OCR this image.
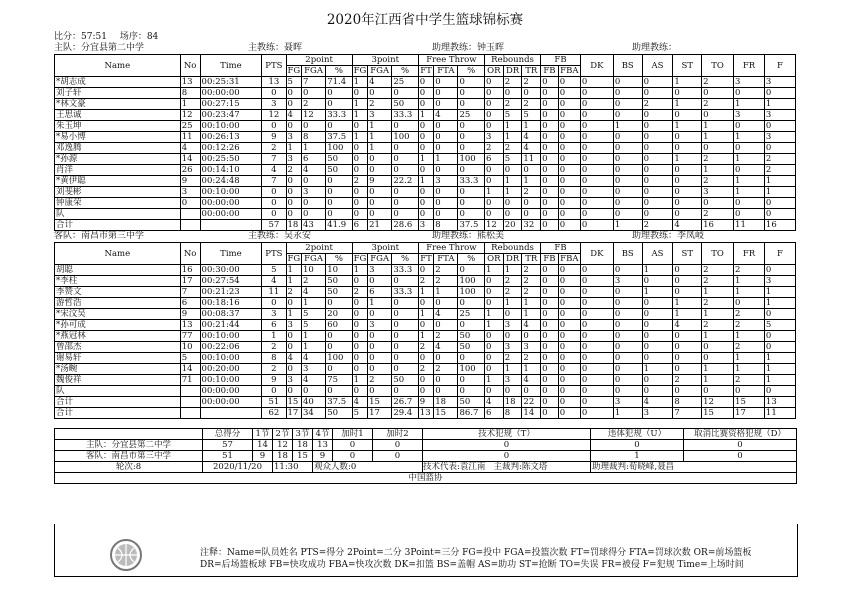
2020年江西省中学生篮球锦标赛
比分：57:51 场序：84
主队：分宜县第二中学	主教练：聂晖	助理教练：钟玉晖	助理教练：
Name	No	Time	PTS	2point			3point			Free Throw			Rebounds			FB		DK	BS	AS	ST	TO	FR	F
				FG	FGA	%	FG	FGA	%	FT	FTA	%	OR	DR	TR	FB	FBA							
*胡志成	13	00:25:31	13	5	7	71.4	1	4	25	0	0	0	0	2	2	0	0	0	0	0	1	2	3	3
刘子轩	8	00:00:00	0	0	0	0	0	0	0	0	0	0	0	0	0	0	0	0	0	0	0	0	0	0
*林文豪	1	00:27:15	3	0	2	0	1	2	50	0	0	0	0	2	2	0	0	0	0	2	1	2	1	1
王思诚	12	00:23:47	12	4	12	33.3	1	3	33.3	1	4	25	0	5	5	0	0	0	0	0	0	0	3	3
朱玉坤	25	00:10:00	0	0	0	0	0	1	0	0	0	0	0	1	1	0	0	0	1	0	1	1	0	0
*易小博	11	00:26:13	9	3	8	37.5	1	1	100	0	0	0	3	1	4	0	0	0	0	0	0	1	1	3
邓逸腾	4	00:12:26	2	1	1	100	0	1	0	0	0	0	2	2	4	0	0	0	0	0	0	0	0	0
*孙源	14	00:25:50	7	3	6	50	0	0	0	1	1	100	6	5	11	0	0	0	0	0	1	2	1	2
肖洋	26	00:14:10	4	2	4	50	0	0	0	0	0	0	0	0	0	0	0	0	0	0	0	1	0	2
*黄伊聪	9	00:24:48	7	0	0	0	2	9	22.2	1	3	33.3	0	1	1	0	0	0	0	0	0	2	1	1
刘斐彬	3	00:10:00	0	0	3	0	0	0	0	0	0	0	1	1	2	0	0	0	0	0	0	3	1	1
钟康荣	0	00:00:00	0	0	0	0	0	0	0	0	0	0	0	0	0	0	0	0	0	0	0	0	0	0
队		00:00:00	0	0	0	0	0	0	0	0	0	0	0	0	0	0	0	0	0	0	0	2	0	0
合计			57	18	43	41.9	6	21	28.6	3	8	37.5	12	20	32	0	0	0	1	2	4	16	11	16
客队：南昌市第三中学	主教练：吴永安	助理教练：熊松美	助理教练：李凤岐
Name	No	Time	PTS	2point			3point			Free Throw			Rebounds			FB		DK	BS	AS	ST	TO	FR	F
				FG	FGA	%	FG	FGA	%	FT	FTA	%	OR	DR	TR	FB	FBA							
胡聪	16	00:30:00	5	1	10	10	1	3	33.3	0	2	0	1	1	2	0	0	0	0	1	0	2	2	0
*李柱	17	00:27:54	4	1	2	50	0	0	0	2	2	100	0	2	2	0	0	0	3	0	0	2	1	3
李赞文	7	00:21:23	11	2	4	50	2	6	33.3	1	1	100	0	2	2	0	0	0	0	1	0	1	1	1
游哲浩	6	00:18:16	0	0	1	0	0	1	0	0	0	0	0	1	1	0	0	0	0	0	1	2	0	1
*宋汶吴	9	00:08:37	3	1	5	20	0	0	0	1	4	25	1	0	1	0	0	0	0	0	1	1	2	0
*孙可成	13	00:21:44	6	3	5	60	0	3	0	0	0	0	1	3	4	0	0	0	0	0	4	2	2	5
*燕冠林	77	00:10:00	1	0	1	0	0	0	0	1	2	50	0	0	0	0	0	0	0	0	0	1	1	0
曾邵杰	10	00:22:06	2	0	1	0	0	0	0	2	4	50	0	3	3	0	0	0	0	0	0	0	2	0
谢易轩	5	00:10:00	8	4	4	100	0	0	0	0	0	0	0	2	2	0	0	0	0	0	0	0	1	1
*汤畹	14	00:20:00	2	0	3	0	0	0	0	2	2	100	0	1	1	0	0	0	0	1	0	1	1	1
魏俊祥	71	00:10:00	9	3	4	75	1	2	50	0	0	0	1	3	4	0	0	0	0	0	2	1	2	1
队		00:00:00	0	0	0	0	0	0	0	0	0	0	0	0	0	0	0	0	0	0	0	0	0	0
合计		00:00:00	51	15	40	37.5	4	15	26.7	9	18	50	4	18	22	0	0	0	3	4	8	12	15	13
合计			62	17	34	50	5	17	29.4	13	15	86.7	6	8	14	0	0	0	1	3	7	15	17	11
	总得分	1节	2节	3节	4节	加时1	加时2	技术犯规（T）	违体犯规（U）	取消比赛资格犯规（D）
主队：分宜县第二中学	57	14	12	18	13	0	0	0	0	0
客队：南昌市第三中学	51	9	18	15	9	0	0	0	1	0
轮次:8	2020/11/20		11:30		观众人数:0			技术代表:袁江南 主裁判:陈文塔	助理裁判:荀晓峰,聂昌	
中国篮协										
注释：Name=队员姓名 PTS=得分 2Point=二分 3Point=三分 FG=投中 FGA=投篮次数 FT=罚球得分 FTA=罚球次数 OR=前场篮板
DR=后场篮板球 FB=快攻成功 FBA=快攻次数 DK=扣篮 BS=盖帽 AS=助功 ST=抢断 TO=失误 FR=被侵 F=犯规 Time=上场时间
